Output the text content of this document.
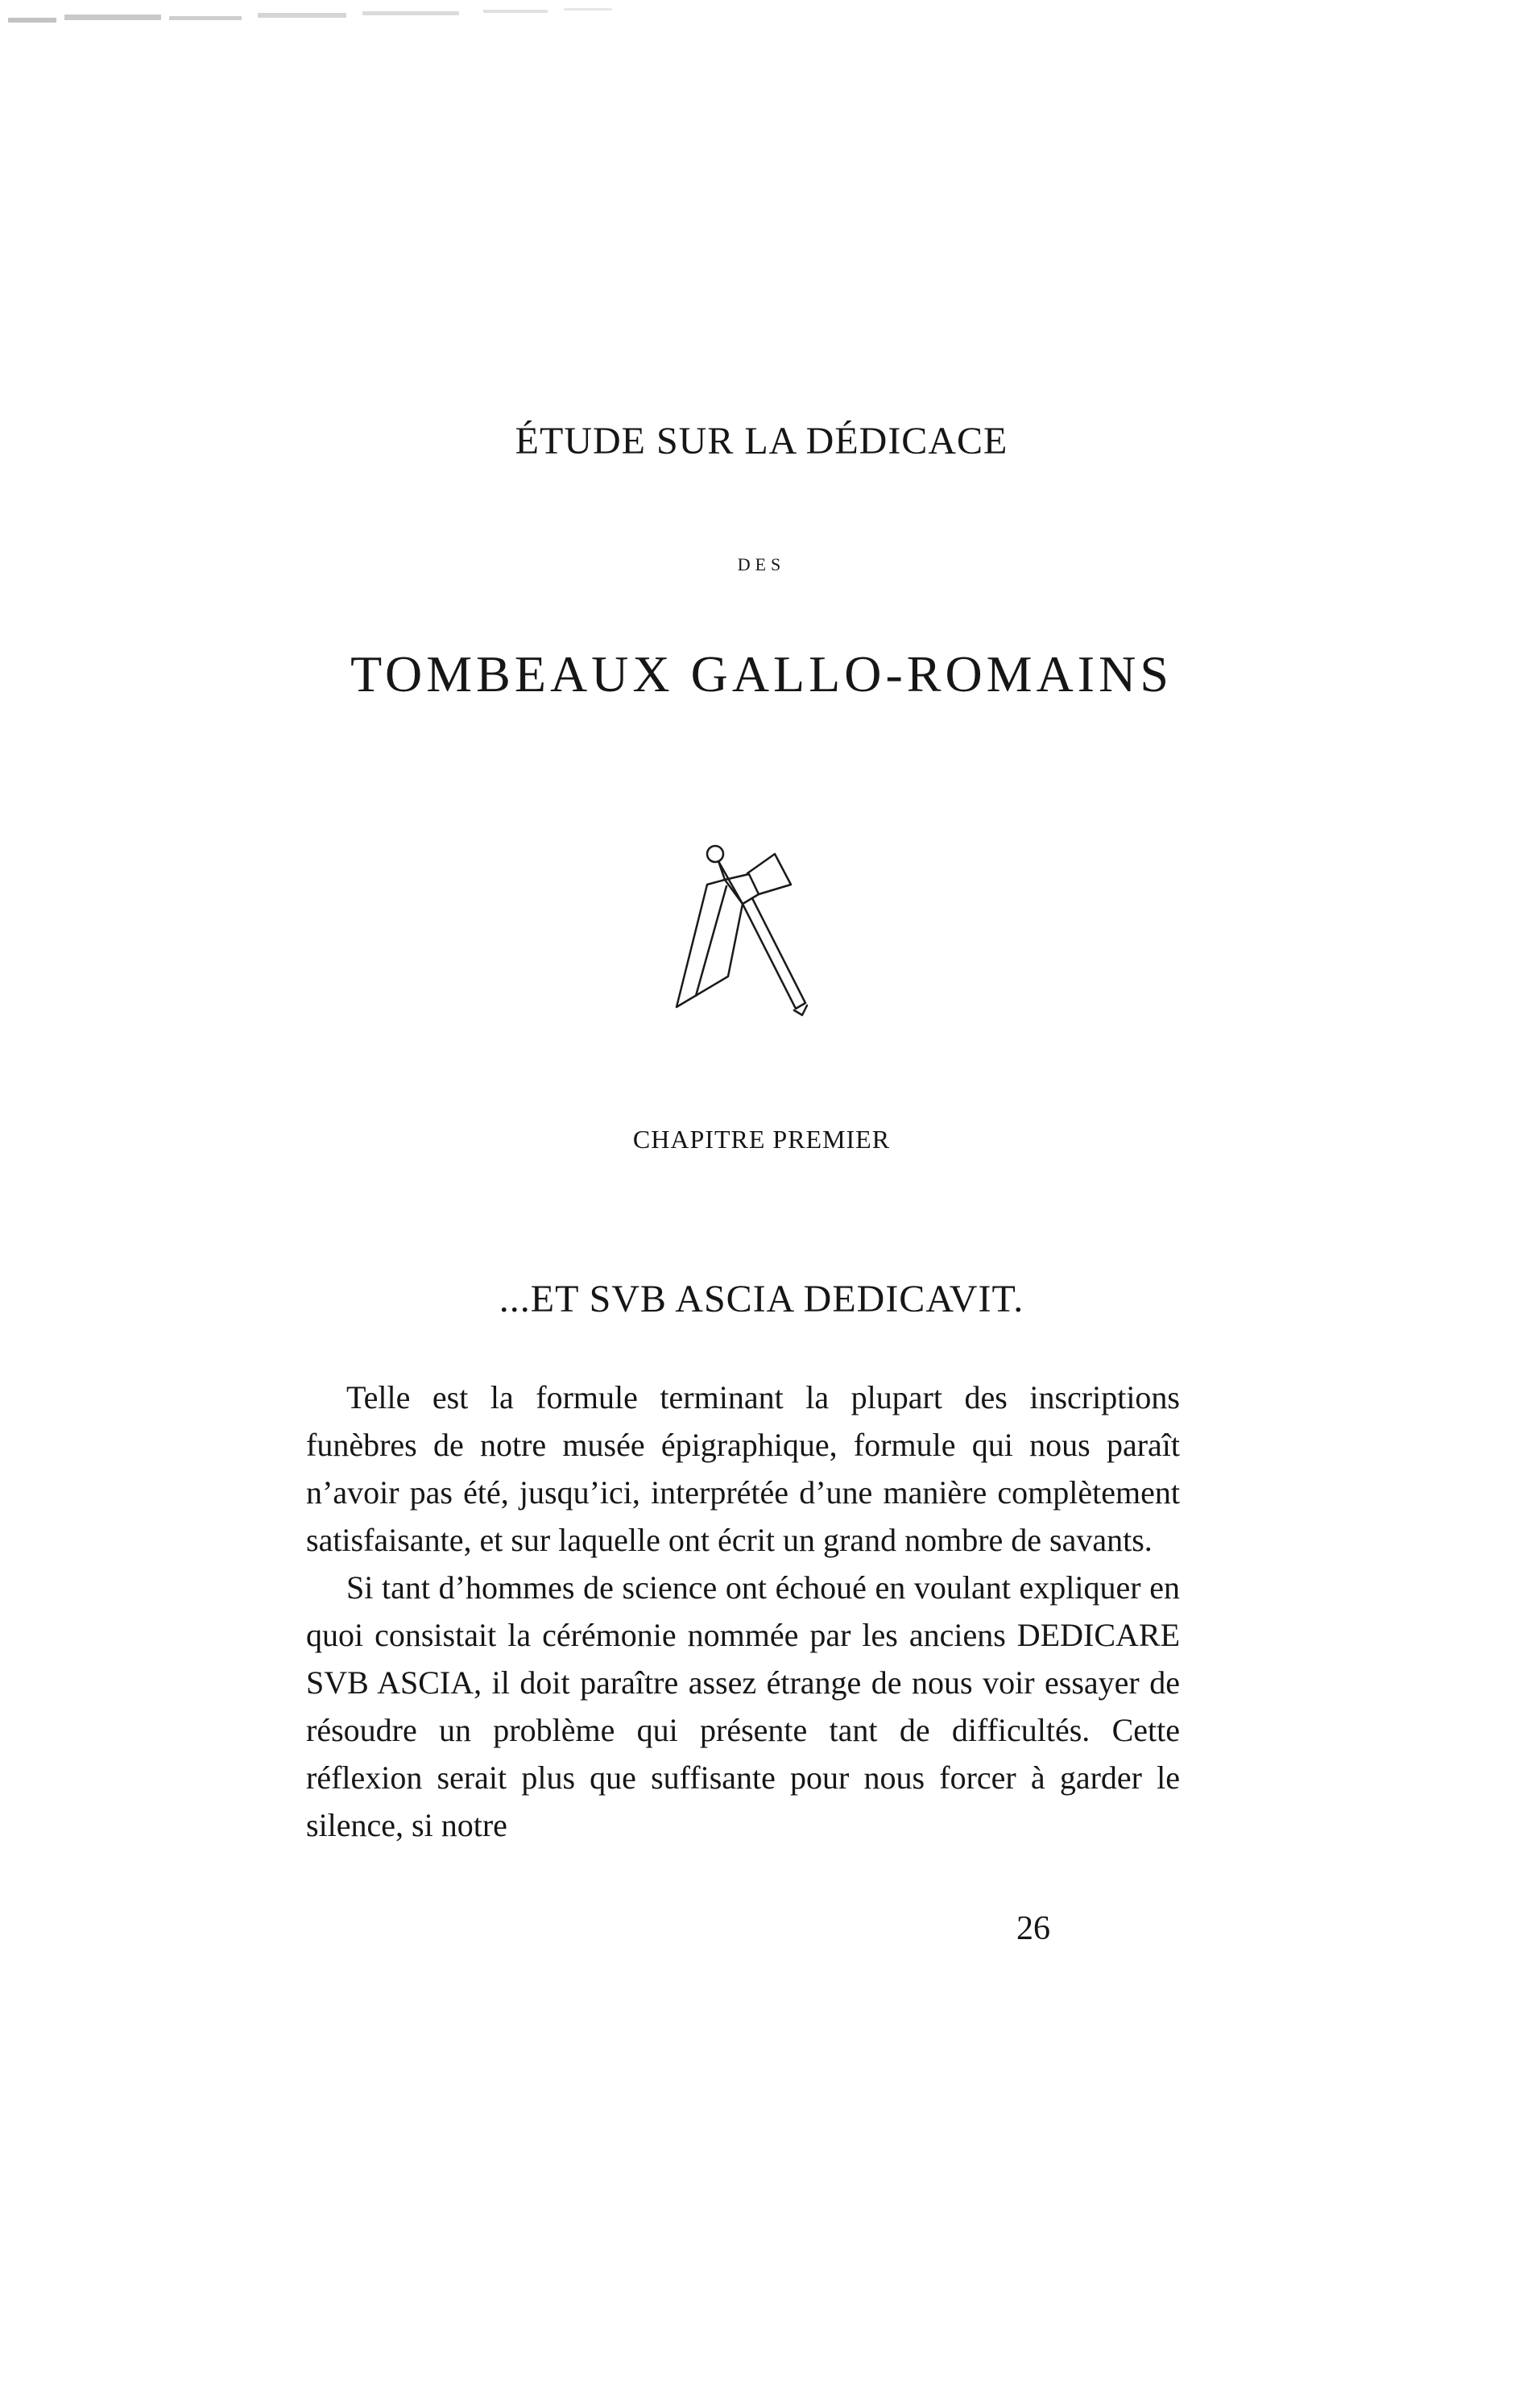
ÉTUDE SUR LA DÉDICACE
DES
TOMBEAUX GALLO-ROMAINS
CHAPITRE PREMIER
...ET SVB ASCIA DEDICAVIT.

Telle est la formule terminant la plupart des inscriptions funèbres de notre musée épigraphique, formule qui nous paraît n’avoir pas été, jusqu’ici, interprétée d’une manière complètement satisfaisante, et sur laquelle ont écrit un grand nombre de savants.

Si tant d’hommes de science ont échoué en voulant expliquer en quoi consistait la cérémonie nommée par les anciens DEDICARE SVB ASCIA, il doit paraître assez étrange de nous voir essayer de résoudre un problème qui présente tant de difficultés. Cette réflexion serait plus que suffisante pour nous forcer à garder le silence, si notre

26
